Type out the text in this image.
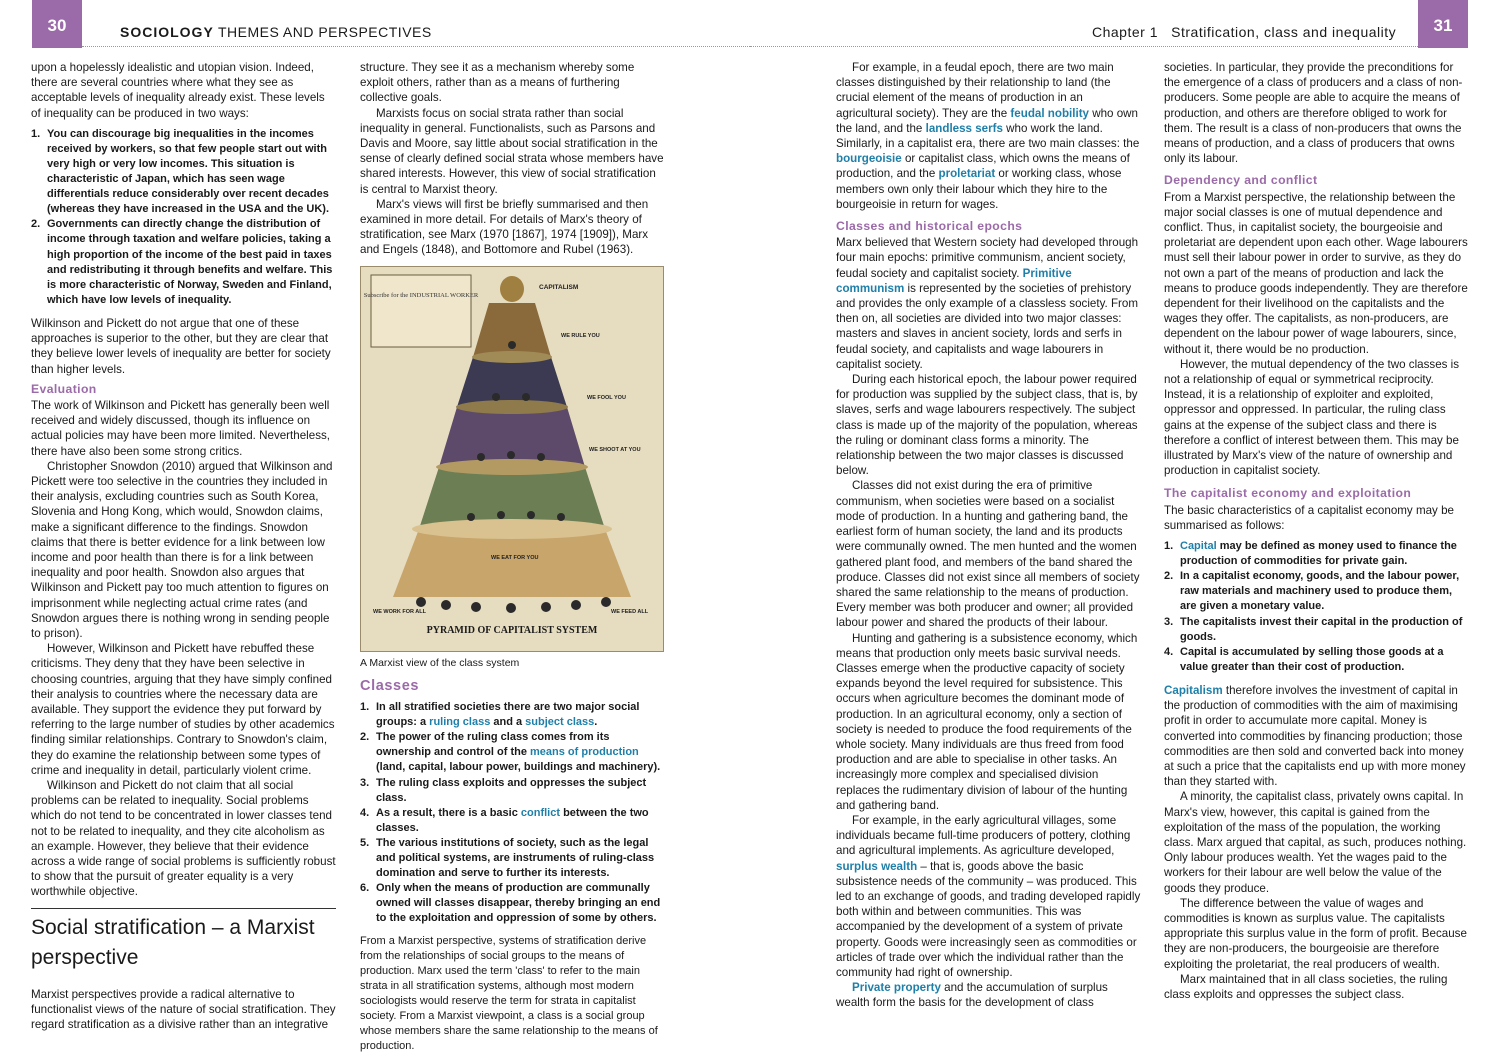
30	SOCIOLOGY THEMES AND PERSPECTIVES

upon a hopelessly idealistic and utopian vision. Indeed, there are several countries where what they see as acceptable levels of inequality already exist. These levels of inequality can be produced in two ways:

1. You can discourage big inequalities in the incomes received by workers, so that few people start out with very high or very low incomes. This situation is characteristic of Japan, which has seen wage differentials reduce considerably over recent decades (whereas they have increased in the USA and the UK).
2. Governments can directly change the distribution of income through taxation and welfare policies, taking a high proportion of the income of the best paid in taxes and redistributing it through benefits and welfare. This is more characteristic of Norway, Sweden and Finland, which have low levels of inequality.

Wilkinson and Pickett do not argue that one of these approaches is superior to the other, but they are clear that they believe lower levels of inequality are better for society than higher levels.

Evaluation

The work of Wilkinson and Pickett has generally been well received and widely discussed, though its influence on actual policies may have been more limited. Nevertheless, there have also been some strong critics.

Christopher Snowdon (2010) argued that Wilkinson and Pickett were too selective in the countries they included in their analysis, excluding countries such as South Korea, Slovenia and Hong Kong, which would, Snowdon claims, make a significant difference to the findings. Snowdon claims that there is better evidence for a link between low income and poor health than there is for a link between inequality and poor health. Snowdon also argues that Wilkinson and Pickett pay too much attention to figures on imprisonment while neglecting actual crime rates (and Snowdon argues there is nothing wrong in sending people to prison).

However, Wilkinson and Pickett have rebuffed these criticisms. They deny that they have been selective in choosing countries, arguing that they have simply confined their analysis to countries where the necessary data are available. They support the evidence they put forward by referring to the large number of studies by other academics finding similar relationships. Contrary to Snowdon's claim, they do examine the relationship between some types of crime and inequality in detail, particularly violent crime.

Wilkinson and Pickett do not claim that all social problems can be related to inequality. Social problems which do not tend to be concentrated in lower classes tend not to be related to inequality, and they cite alcoholism as an example. However, they believe that their evidence across a wide range of social problems is sufficiently robust to show that the pursuit of greater equality is a very worthwhile objective.

Social stratification – a Marxist perspective

Marxist perspectives provide a radical alternative to functionalist views of the nature of social stratification. They regard stratification as a divisive rather than an integrative

structure. They see it as a mechanism whereby some exploit others, rather than as a means of furthering collective goals.

Marxists focus on social strata rather than social inequality in general. Functionalists, such as Parsons and Davis and Moore, say little about social stratification in the sense of clearly defined social strata whose members have shared interests. However, this view of social stratification is central to Marxist theory.

Marx's views will first be briefly summarised and then examined in more detail. For details of Marx's theory of stratification, see Marx (1970 [1867], 1974 [1909]), Marx and Engels (1848), and Bottomore and Rubel (1963).

Subscribe for the INDUSTRIAL WORKER
CAPITALISM
WE RULE YOU
WE FOOL YOU
WE SHOOT AT YOU
WE EAT FOR YOU
WE WORK FOR ALL	WE FEED ALL
PYRAMID OF CAPITALIST SYSTEM

A Marxist view of the class system

Classes
1. In all stratified societies there are two major social groups: a ruling class and a subject class.
2. The power of the ruling class comes from its ownership and control of the means of production (land, capital, labour power, buildings and machinery).
3. The ruling class exploits and oppresses the subject class.
4. As a result, there is a basic conflict between the two classes.
5. The various institutions of society, such as the legal and political systems, are instruments of ruling-class domination and serve to further its interests.
6. Only when the means of production are communally owned will classes disappear, thereby bringing an end to the exploitation and oppression of some by others.

From a Marxist perspective, systems of stratification derive from the relationships of social groups to the means of production. Marx used the term 'class' to refer to the main strata in all stratification systems, although most modern sociologists would reserve the term for strata in capitalist society. From a Marxist viewpoint, a class is a social group whose members share the same relationship to the means of production.

Chapter 1 Stratification, class and inequality	31

For example, in a feudal epoch, there are two main classes distinguished by their relationship to land (the crucial element of the means of production in an agricultural society). They are the feudal nobility who own the land, and the landless serfs who work the land. Similarly, in a capitalist era, there are two main classes: the bourgeoisie or capitalist class, which owns the means of production, and the proletariat or working class, whose members own only their labour which they hire to the bourgeoisie in return for wages.

Classes and historical epochs

Marx believed that Western society had developed through four main epochs: primitive communism, ancient society, feudal society and capitalist society. Primitive communism is represented by the societies of prehistory and provides the only example of a classless society. From then on, all societies are divided into two major classes: masters and slaves in ancient society, lords and serfs in feudal society, and capitalists and wage labourers in capitalist society.

During each historical epoch, the labour power required for production was supplied by the subject class, that is, by slaves, serfs and wage labourers respectively. The subject class is made up of the majority of the population, whereas the ruling or dominant class forms a minority. The relationship between the two major classes is discussed below.

Classes did not exist during the era of primitive communism, when societies were based on a socialist mode of production. In a hunting and gathering band, the earliest form of human society, the land and its products were communally owned. The men hunted and the women gathered plant food, and members of the band shared the produce. Classes did not exist since all members of society shared the same relationship to the means of production. Every member was both producer and owner; all provided labour power and shared the products of their labour.

Hunting and gathering is a subsistence economy, which means that production only meets basic survival needs. Classes emerge when the productive capacity of society expands beyond the level required for subsistence. This occurs when agriculture becomes the dominant mode of production. In an agricultural economy, only a section of society is needed to produce the food requirements of the whole society. Many individuals are thus freed from food production and are able to specialise in other tasks. An increasingly more complex and specialised division replaces the rudimentary division of labour of the hunting and gathering band.

For example, in the early agricultural villages, some individuals became full-time producers of pottery, clothing and agricultural implements. As agriculture developed, surplus wealth – that is, goods above the basic subsistence needs of the community – was produced. This led to an exchange of goods, and trading developed rapidly both within and between communities. This was accompanied by the development of a system of private property. Goods were increasingly seen as commodities or articles of trade over which the individual rather than the community had right of ownership.

Private property and the accumulation of surplus wealth form the basis for the development of class

societies. In particular, they provide the preconditions for the emergence of a class of producers and a class of non-producers. Some people are able to acquire the means of production, and others are therefore obliged to work for them. The result is a class of non-producers that owns the means of production, and a class of producers that owns only its labour.

Dependency and conflict

From a Marxist perspective, the relationship between the major social classes is one of mutual dependence and conflict. Thus, in capitalist society, the bourgeoisie and proletariat are dependent upon each other. Wage labourers must sell their labour power in order to survive, as they do not own a part of the means of production and lack the means to produce goods independently. They are therefore dependent for their livelihood on the capitalists and the wages they offer. The capitalists, as non-producers, are dependent on the labour power of wage labourers, since, without it, there would be no production.

However, the mutual dependency of the two classes is not a relationship of equal or symmetrical reciprocity. Instead, it is a relationship of exploiter and exploited, oppressor and oppressed. In particular, the ruling class gains at the expense of the subject class and there is therefore a conflict of interest between them. This may be illustrated by Marx's view of the nature of ownership and production in capitalist society.

The capitalist economy and exploitation

The basic characteristics of a capitalist economy may be summarised as follows:

1. Capital may be defined as money used to finance the production of commodities for private gain.
2. In a capitalist economy, goods, and the labour power, raw materials and machinery used to produce them, are given a monetary value.
3. The capitalists invest their capital in the production of goods.
4. Capital is accumulated by selling those goods at a value greater than their cost of production.

Capitalism therefore involves the investment of capital in the production of commodities with the aim of maximising profit in order to accumulate more capital. Money is converted into commodities by financing production; those commodities are then sold and converted back into money at such a price that the capitalists end up with more money than they started with.

A minority, the capitalist class, privately owns capital. In Marx's view, however, this capital is gained from the exploitation of the mass of the population, the working class. Marx argued that capital, as such, produces nothing. Only labour produces wealth. Yet the wages paid to the workers for their labour are well below the value of the goods they produce.

The difference between the value of wages and commodities is known as surplus value. The capitalists appropriate this surplus value in the form of profit. Because they are non-producers, the bourgeoisie are therefore exploiting the proletariat, the real producers of wealth.

Marx maintained that in all class societies, the ruling class exploits and oppresses the subject class.
